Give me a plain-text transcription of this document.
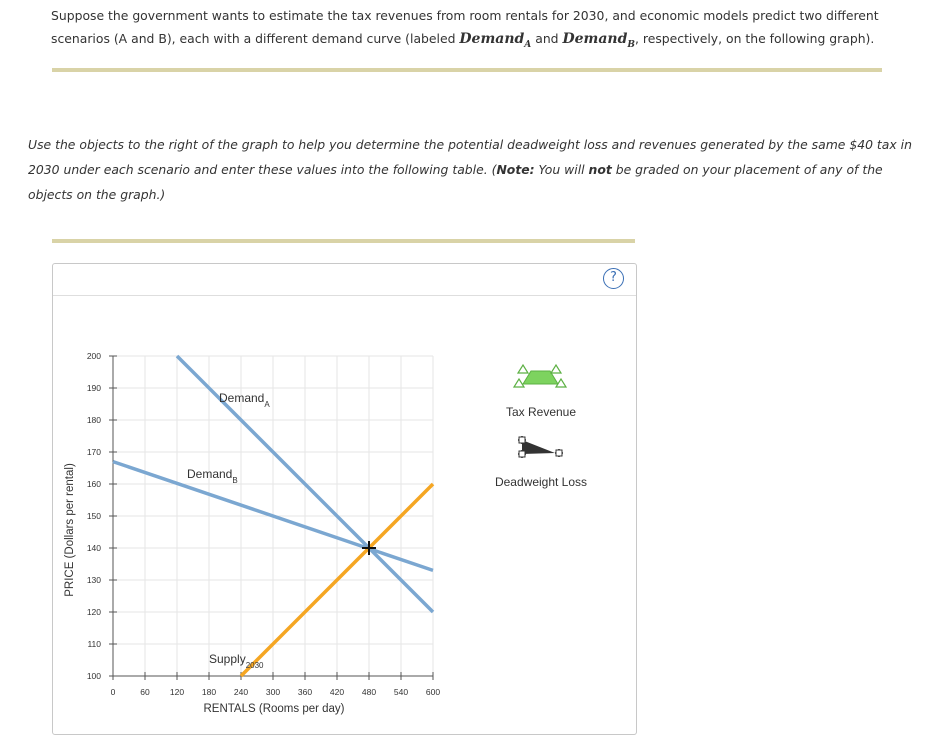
Suppose the government wants to estimate the tax revenues from room rentals for 2030, and economic models predict two different
scenarios (A and B), each with a different demand curve (labeled Demand$_A$ and Demand$_B$, respectively, on the following graph).
Use the objects to the right of the graph to help you determine the potential deadweight loss and revenues generated by the same $40 tax in 2030 under each scenario and enter these values into the following table. (Note: You will not be graded on your placement of any of the objects on the graph.)
?
100
110
120
130
140
150
160
170
180
190
200
0	60 120 180 240 300 360 420 480 540 600
PRICE (Dollars per rental)
RENTALS (Rooms per day)
Demand$_A$
Demand$_B$
Supply$_{2030}$
Tax Revenue
Deadweight Loss
